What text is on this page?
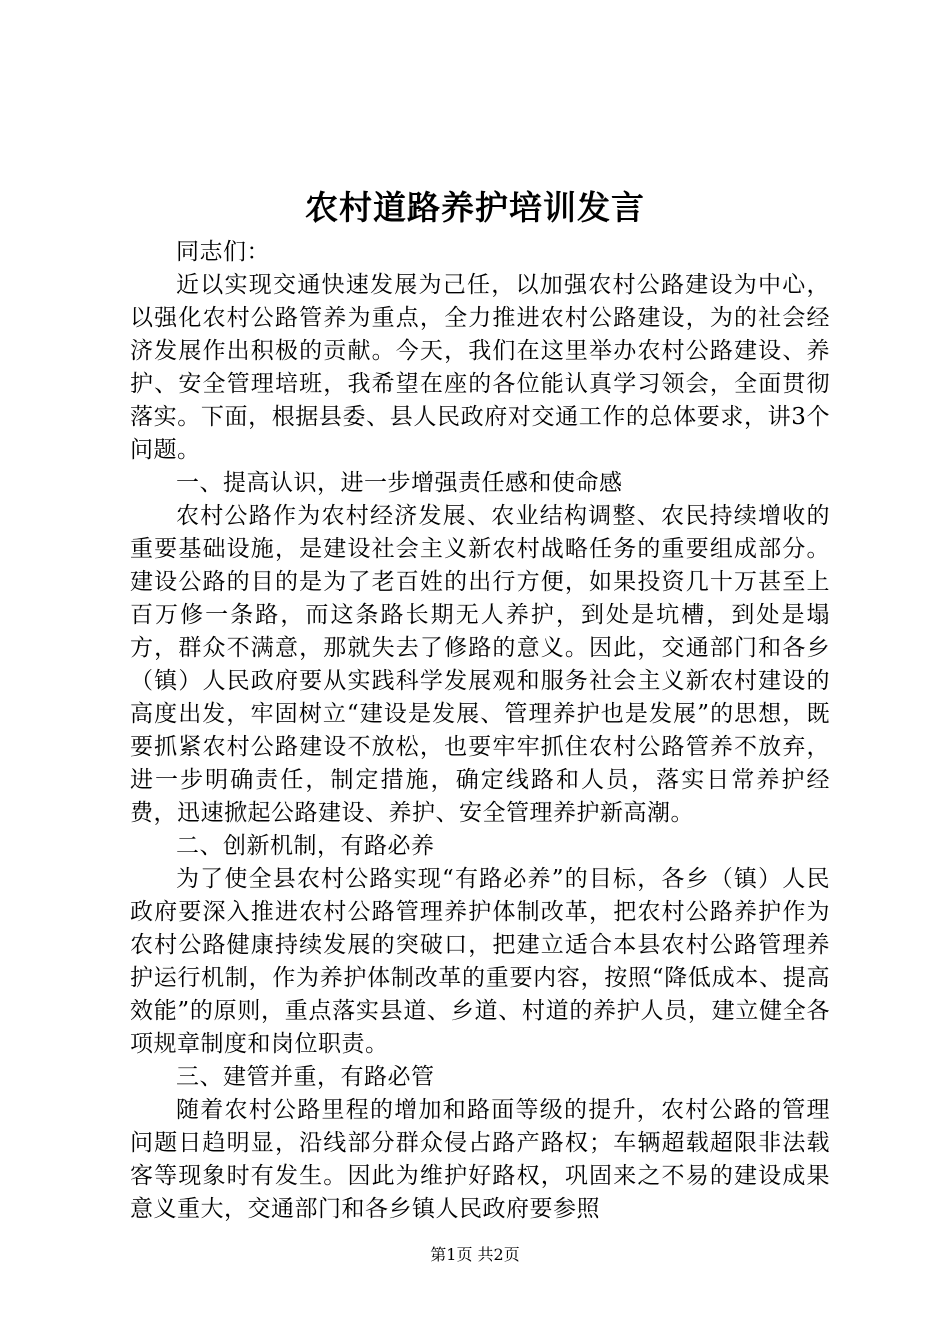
农村道路养护培训发言

同志们：

近以实现交通快速发展为己任，以加强农村公路建设为中心，以强化农村公路管养为重点，全力推进农村公路建设，为的社会经济发展作出积极的贡献。今天，我们在这里举办农村公路建设、养护、安全管理培班，我希望在座的各位能认真学习领会，全面贯彻落实。下面，根据县委、县人民政府对交通工作的总体要求，讲3个问题。

一、提高认识，进一步增强责任感和使命感

农村公路作为农村经济发展、农业结构调整、农民持续增收的重要基础设施，是建设社会主义新农村战略任务的重要组成部分。建设公路的目的是为了老百姓的出行方便，如果投资几十万甚至上百万修一条路，而这条路长期无人养护，到处是坑槽，到处是塌方，群众不满意，那就失去了修路的意义。因此，交通部门和各乡（镇）人民政府要从实践科学发展观和服务社会主义新农村建设的高度出发，牢固树立“建设是发展、管理养护也是发展”的思想，既要抓紧农村公路建设不放松，也要牢牢抓住农村公路管养不放弃，进一步明确责任，制定措施，确定线路和人员，落实日常养护经费，迅速掀起公路建设、养护、安全管理养护新高潮。

二、创新机制，有路必养

为了使全县农村公路实现“有路必养”的目标，各乡（镇）人民政府要深入推进农村公路管理养护体制改革，把农村公路养护作为农村公路健康持续发展的突破口，把建立适合本县农村公路管理养护运行机制，作为养护体制改革的重要内容，按照“降低成本、提高效能”的原则，重点落实县道、乡道、村道的养护人员，建立健全各项规章制度和岗位职责。

三、建管并重，有路必管

随着农村公路里程的增加和路面等级的提升，农村公路的管理问题日趋明显，沿线部分群众侵占路产路权；车辆超载超限非法载客等现象时有发生。因此为维护好路权，巩固来之不易的建设成果意义重大，交通部门和各乡镇人民政府要参照

第1页 共2页
